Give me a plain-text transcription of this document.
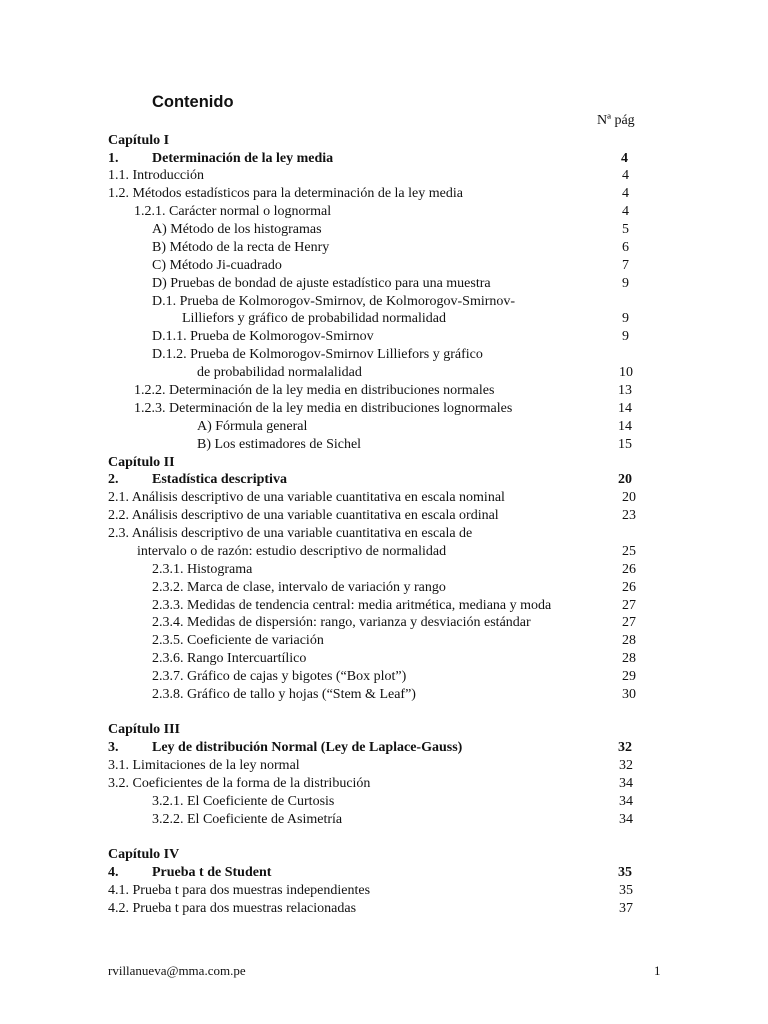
Contenido
Nª pág
Capítulo I
1. Determinación de la ley media	4
1.1. Introducción	4
1.2. Métodos estadísticos para la determinación de la ley media	4
1.2.1. Carácter normal o lognormal	4
A) Método de los histogramas	5
B) Método de la recta de Henry	6
C) Método Ji-cuadrado	7
D) Pruebas de bondad de ajuste estadístico para una muestra	9
D.1. Prueba de Kolmorogov-Smirnov, de Kolmorogov-Smirnov-
Lilliefors y gráfico de probabilidad normalidad	9
D.1.1. Prueba de Kolmorogov-Smirnov	9
D.1.2. Prueba de Kolmorogov-Smirnov Lilliefors y gráfico
de probabilidad normalalidad	10
1.2.2. Determinación de la ley media en distribuciones normales	13
1.2.3. Determinación de la ley media en distribuciones lognormales	14
A) Fórmula general	14
B) Los estimadores de Sichel	15
Capítulo II
2. Estadística descriptiva	20
2.1. Análisis descriptivo de una variable cuantitativa en escala nominal	20
2.2. Análisis descriptivo de una variable cuantitativa en escala ordinal	23
2.3. Análisis descriptivo de una variable cuantitativa en escala de
intervalo o de razón: estudio descriptivo de normalidad	25
2.3.1. Histograma	26
2.3.2. Marca de clase, intervalo de variación y rango	26
2.3.3. Medidas de tendencia central: media aritmética, mediana y moda	27
2.3.4. Medidas de dispersión: rango, varianza y desviación estándar	27
2.3.5. Coeficiente de variación	28
2.3.6. Rango Intercuartílico	28
2.3.7. Gráfico de cajas y bigotes (“Box plot”)	29
2.3.8. Gráfico de tallo y hojas (“Stem & Leaf”)	30
Capítulo III
3. Ley de distribución Normal (Ley de Laplace-Gauss)	32
3.1. Limitaciones de la ley normal	32
3.2. Coeficientes de la forma de la distribución	34
3.2.1. El Coeficiente de Curtosis	34
3.2.2. El Coeficiente de Asimetría	34
Capítulo IV
4. Prueba t de Student	35
4.1. Prueba t para dos muestras independientes	35
4.2. Prueba t para dos muestras relacionadas	37
rvillanueva@mma.com.pe	1
